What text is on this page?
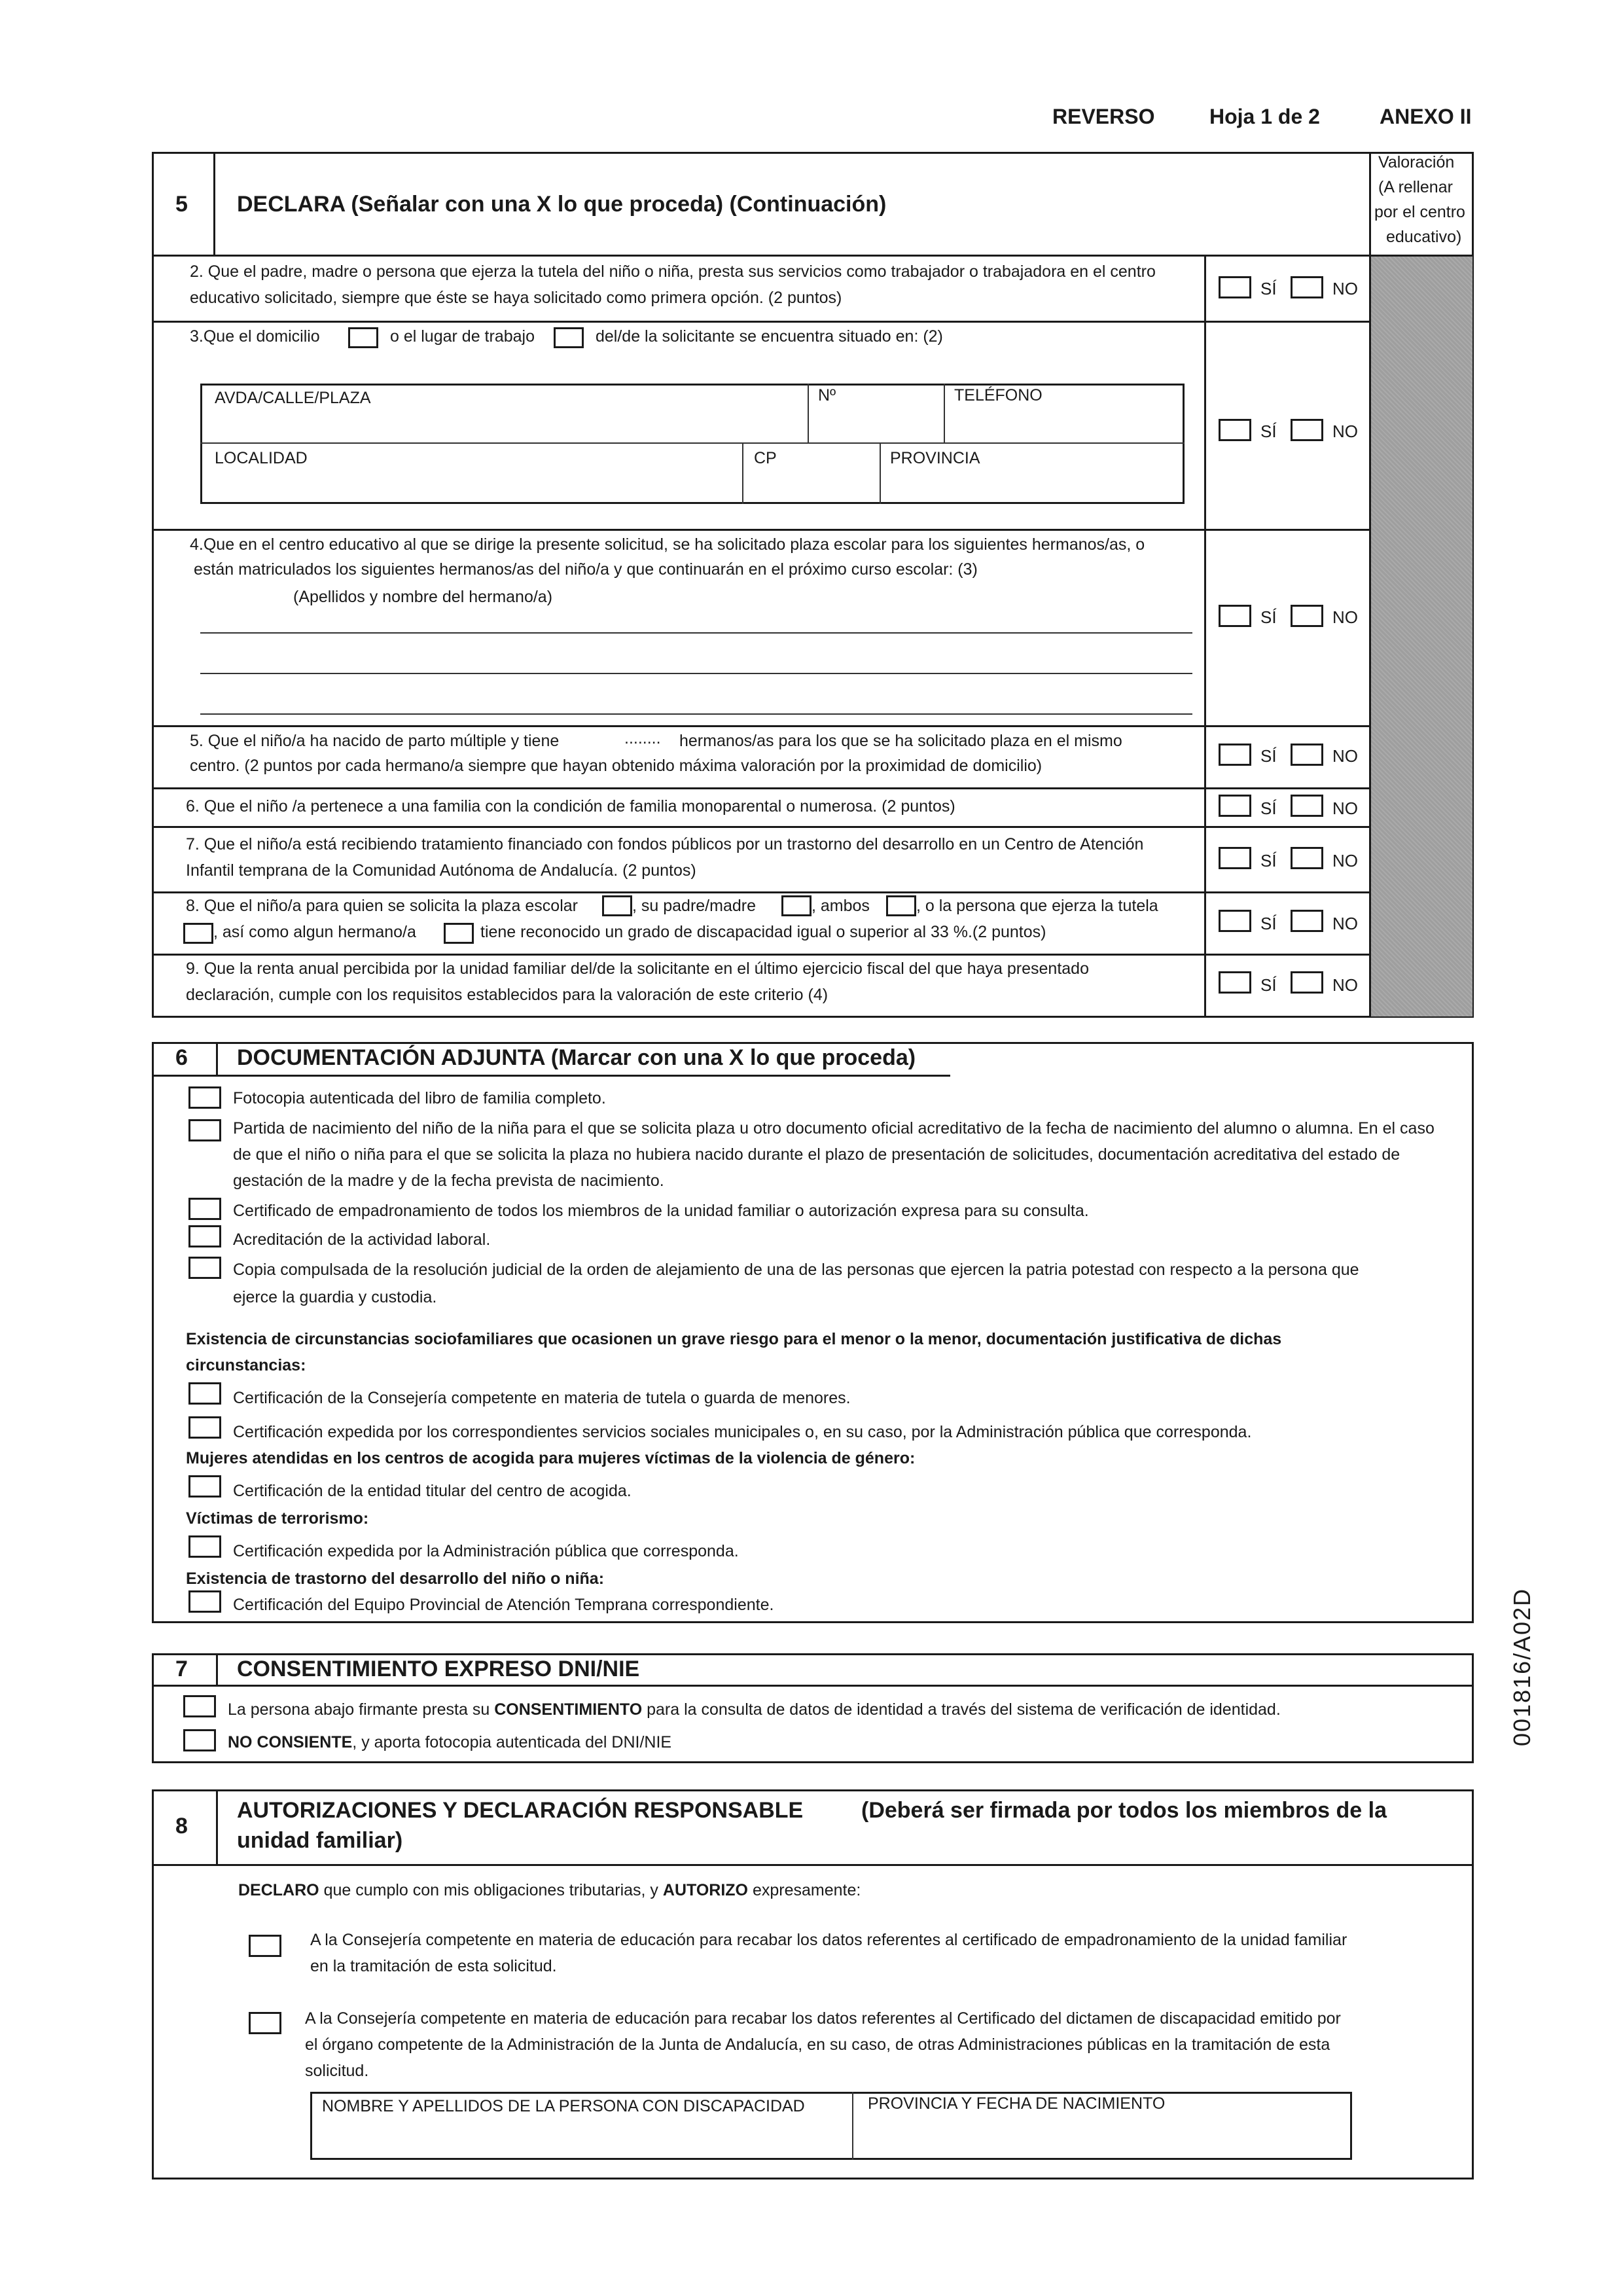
REVERSO	Hoja 1 de 2	ANEXO II
001816/A02D
5 DECLARA (Señalar con una X lo que proceda) (Continuación)
Valoración
(A rellenar
por el centro
educativo)
2. Que el padre, madre o persona que ejerza la tutela del niño o niña, presta sus servicios como trabajador o trabajadora en el centro
educativo solicitado, siempre que éste se haya solicitado como primera opción. (2 puntos)	SÍ	NO
3.Que el domicilio	o el lugar de trabajo	del/de la solicitante se encuentra situado en: (2)
AVDA/CALLE/PLAZA	Nº	TELÉFONO
LOCALIDAD	CP	PROVINCIA
SÍ	NO
4.Que en el centro educativo al que se dirige la presente solicitud, se ha solicitado plaza escolar para los siguientes hermanos/as, o
están matriculados los siguientes hermanos/as del niño/a y que continuarán en el próximo curso escolar: (3)
(Apellidos y nombre del hermano/a)
SÍ	NO
5. Que el niño/a ha nacido de parto múltiple y tiene	........ hermanos/as para los que se ha solicitado plaza en el mismo
centro. (2 puntos por cada hermano/a siempre que hayan obtenido máxima valoración por la proximidad de domicilio)	SÍ	NO
6. Que el niño /a pertenece a una familia con la condición de familia monoparental o numerosa. (2 puntos)	SÍ	NO
7. Que el niño/a está recibiendo tratamiento financiado con fondos públicos por un trastorno del desarrollo en un Centro de Atención
Infantil temprana de la Comunidad Autónoma de Andalucía. (2 puntos)	SÍ	NO
8. Que el niño/a para quien se solicita la plaza escolar	, su padre/madre	, ambos	, o la persona que ejerza la tutela
, así como algun hermano/a	tiene reconocido un grado de discapacidad igual o superior al 33 %.(2 puntos)	SÍ	NO
9. Que la renta anual percibida por la unidad familiar del/de la solicitante en el último ejercicio fiscal del que haya presentado
declaración, cumple con los requisitos establecidos para la valoración de este criterio (4)	SÍ	NO
6 DOCUMENTACIÓN ADJUNTA (Marcar con una X lo que proceda)
Fotocopia autenticada del libro de familia completo.
Partida de nacimiento del niño de la niña para el que se solicita plaza u otro documento oficial acreditativo de la fecha de nacimiento del alumno o alumna. En el caso
de que el niño o niña para el que se solicita la plaza no hubiera nacido durante el plazo de presentación de solicitudes, documentación acreditativa del estado de
gestación de la madre y de la fecha prevista de nacimiento.
Certificado de empadronamiento de todos los miembros de la unidad familiar o autorización expresa para su consulta.
Acreditación de la actividad laboral.
Copia compulsada de la resolución judicial de la orden de alejamiento de una de las personas que ejercen la patria potestad con respecto a la persona que
ejerce la guardia y custodia.
Existencia de circunstancias sociofamiliares que ocasionen un grave riesgo para el menor o la menor, documentación justificativa de dichas
circunstancias:
Certificación de la Consejería competente en materia de tutela o guarda de menores.
Certificación expedida por los correspondientes servicios sociales municipales o, en su caso, por la Administración pública que corresponda.
Mujeres atendidas en los centros de acogida para mujeres víctimas de la violencia de género:
Certificación de la entidad titular del centro de acogida.
Víctimas de terrorismo:
Certificación expedida por la Administración pública que corresponda.
Existencia de trastorno del desarrollo del niño o niña:
Certificación del Equipo Provincial de Atención Temprana correspondiente.
7 CONSENTIMIENTO EXPRESO DNI/NIE
La persona abajo firmante presta su CONSENTIMIENTO para la consulta de datos de identidad a través del sistema de verificación de identidad.
NO CONSIENTE, y aporta fotocopia autenticada del DNI/NIE
8
AUTORIZACIONES Y DECLARACIÓN RESPONSABLE	(Deberá ser firmada por todos los miembros de la
unidad familiar)
DECLARO que cumplo con mis obligaciones tributarias, y AUTORIZO expresamente:
A la Consejería competente en materia de educación para recabar los datos referentes al certificado de empadronamiento de la unidad familiar
en la tramitación de esta solicitud.
A la Consejería competente en materia de educación para recabar los datos referentes al Certificado del dictamen de discapacidad emitido por
el órgano competente de la Administración de la Junta de Andalucía, en su caso, de otras Administraciones públicas en la tramitación de esta
solicitud.
NOMBRE Y APELLIDOS DE LA PERSONA CON DISCAPACIDAD	PROVINCIA Y FECHA DE NACIMIENTO
